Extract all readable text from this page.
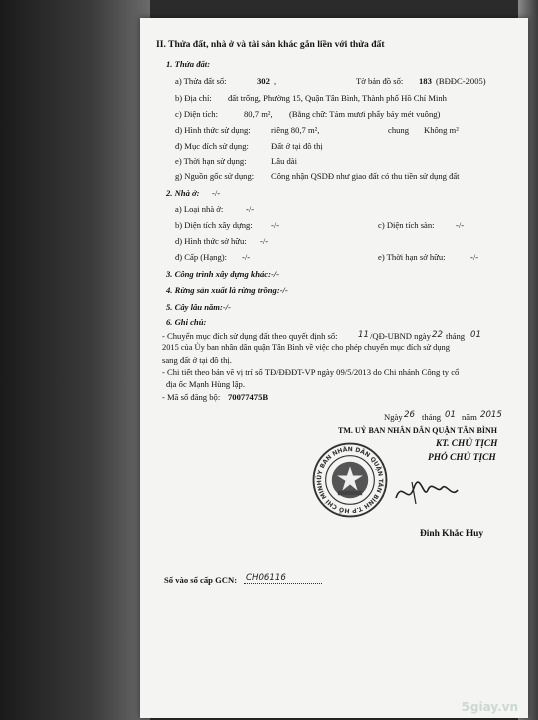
II. Thửa đất, nhà ở và tài sản khác gắn liền với thửa đất
1. Thửa đất:
a) Thửa đất số:	302 ,	Tờ bản đồ số: 183 (BĐĐC-2005)
b) Địa chỉ: đất trống, Phường 15, Quận Tân Bình, Thành phố Hồ Chí Minh
c) Diện tích:	80,7 m², (Bằng chữ: Tám mươi phẩy bảy mét vuông)
d) Hình thức sử dụng: riêng 80,7 m²,	chung Không m²
đ) Mục đích sử dụng:	Đất ở tại đô thị
e) Thời hạn sử dụng:	Lâu dài
g) Nguồn gốc sử dụng: Công nhận QSDĐ như giao đất có thu tiền sử dụng đất
2. Nhà ở: -/-
a) Loại nhà ở:	-/-
b) Diện tích xây dựng: -/-	c) Diện tích sàn: -/-
d) Hình thức sở hữu: -/-
đ) Cấp (Hạng): -/-	e) Thời hạn sở hữu:	-/-
3. Công trình xây dựng khác:-/-
4. Rừng sản xuất là rừng trồng:-/-
5. Cây lâu năm:-/-
6. Ghi chú:
- Chuyển mục đích sử dụng đất theo quyết định số: 11 /QĐ-UBND ngày 22 tháng 01
2015 của Ủy ban nhân dân quận Tân Bình về việc cho phép chuyển mục đích sử dụng
sang đất ở tại đô thị.
- Chi tiết theo bản vẽ vị trí số TĐ/ĐĐĐT-VP ngày 09/5/2013 do Chi nhánh Công ty cổ
địa ốc Mạnh Hùng lập.
- Mã số đăng bộ: 70077475B
Ngày 26 tháng 01 năm 2015
TM. UỶ BAN NHÂN DÂN QUẬN TÂN BÌNH
KT. CHỦ TỊCH
PHÓ CHỦ TỊCH
ỦY BAN NHÂN DÂN QUẬN TÂN BÌNH T.P HỒ CHÍ MINH
Đinh Khắc Huy
Số vào sổ cấp GCN: CH06116
5giay.vn
